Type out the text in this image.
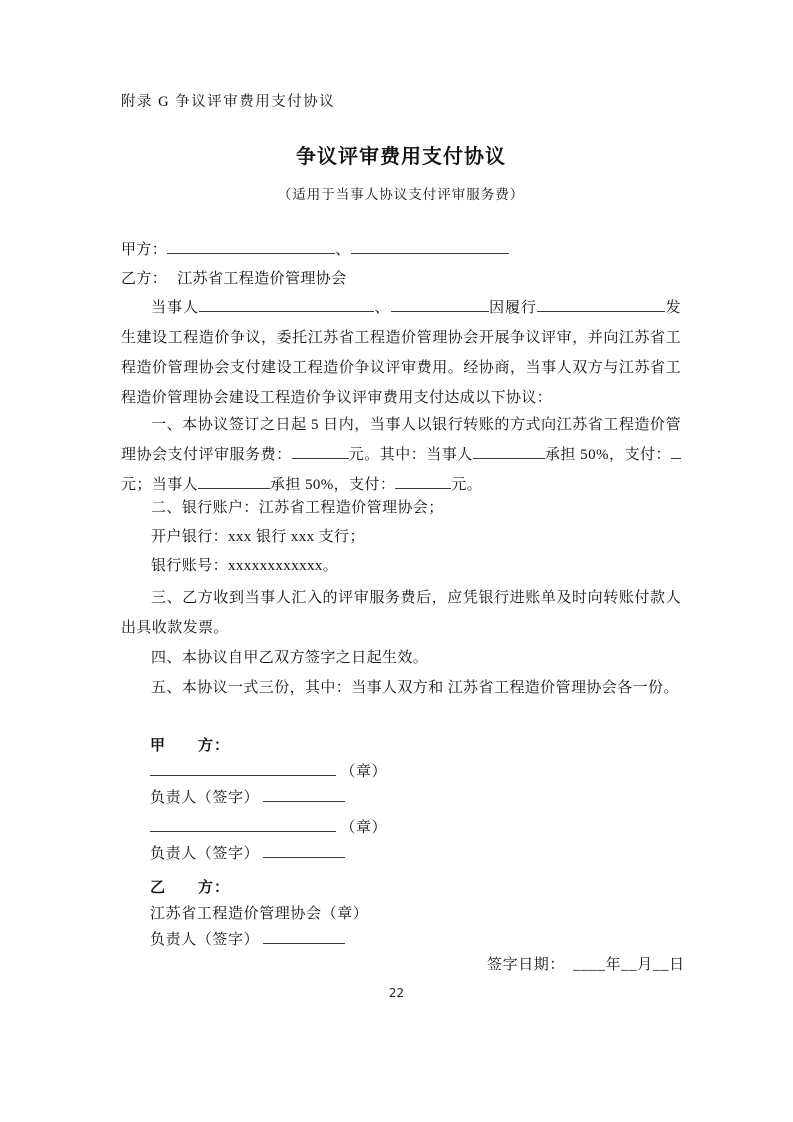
附录 G 争议评审费用支付协议
争议评审费用支付协议
（适用于当事人协议支付评审服务费）
甲方：	、
乙方： 江苏省工程造价管理协会
当事人	、	因履行	发生建设工程造价争议，委托江苏省工程造价管理协会开展争议评审，并向江苏省工程造价管理协会支付建设工程造价争议评审费用。经协商，当事人双方与江苏省工程造价管理协会建设工程造价争议评审费用支付达成以下协议：
一、本协议签订之日起 5 日内，当事人以银行转账的方式向江苏省工程造价管理协会支付评审服务费：	元。其中：当事人	承担 50%，支付：元；当事人	承担 50%，支付：	元。
二、银行账户：江苏省工程造价管理协会；
开户银行：xxx 银行 xxx 支行；
银行账号：xxxxxxxxxxxx。
三、乙方收到当事人汇入的评审服务费后，应凭银行进账单及时向转账付款人出具收款发票。
四、本协议自甲乙双方签字之日起生效。
五、本协议一式三份，其中：当事人双方和 江苏省工程造价管理协会各一份。
甲　　方：
（章）
负责人（签字）
（章）
负责人（签字）
乙　　方：
江苏省工程造价管理协会（章）
负责人（签字）
签字日期：　____年__月__日
22
